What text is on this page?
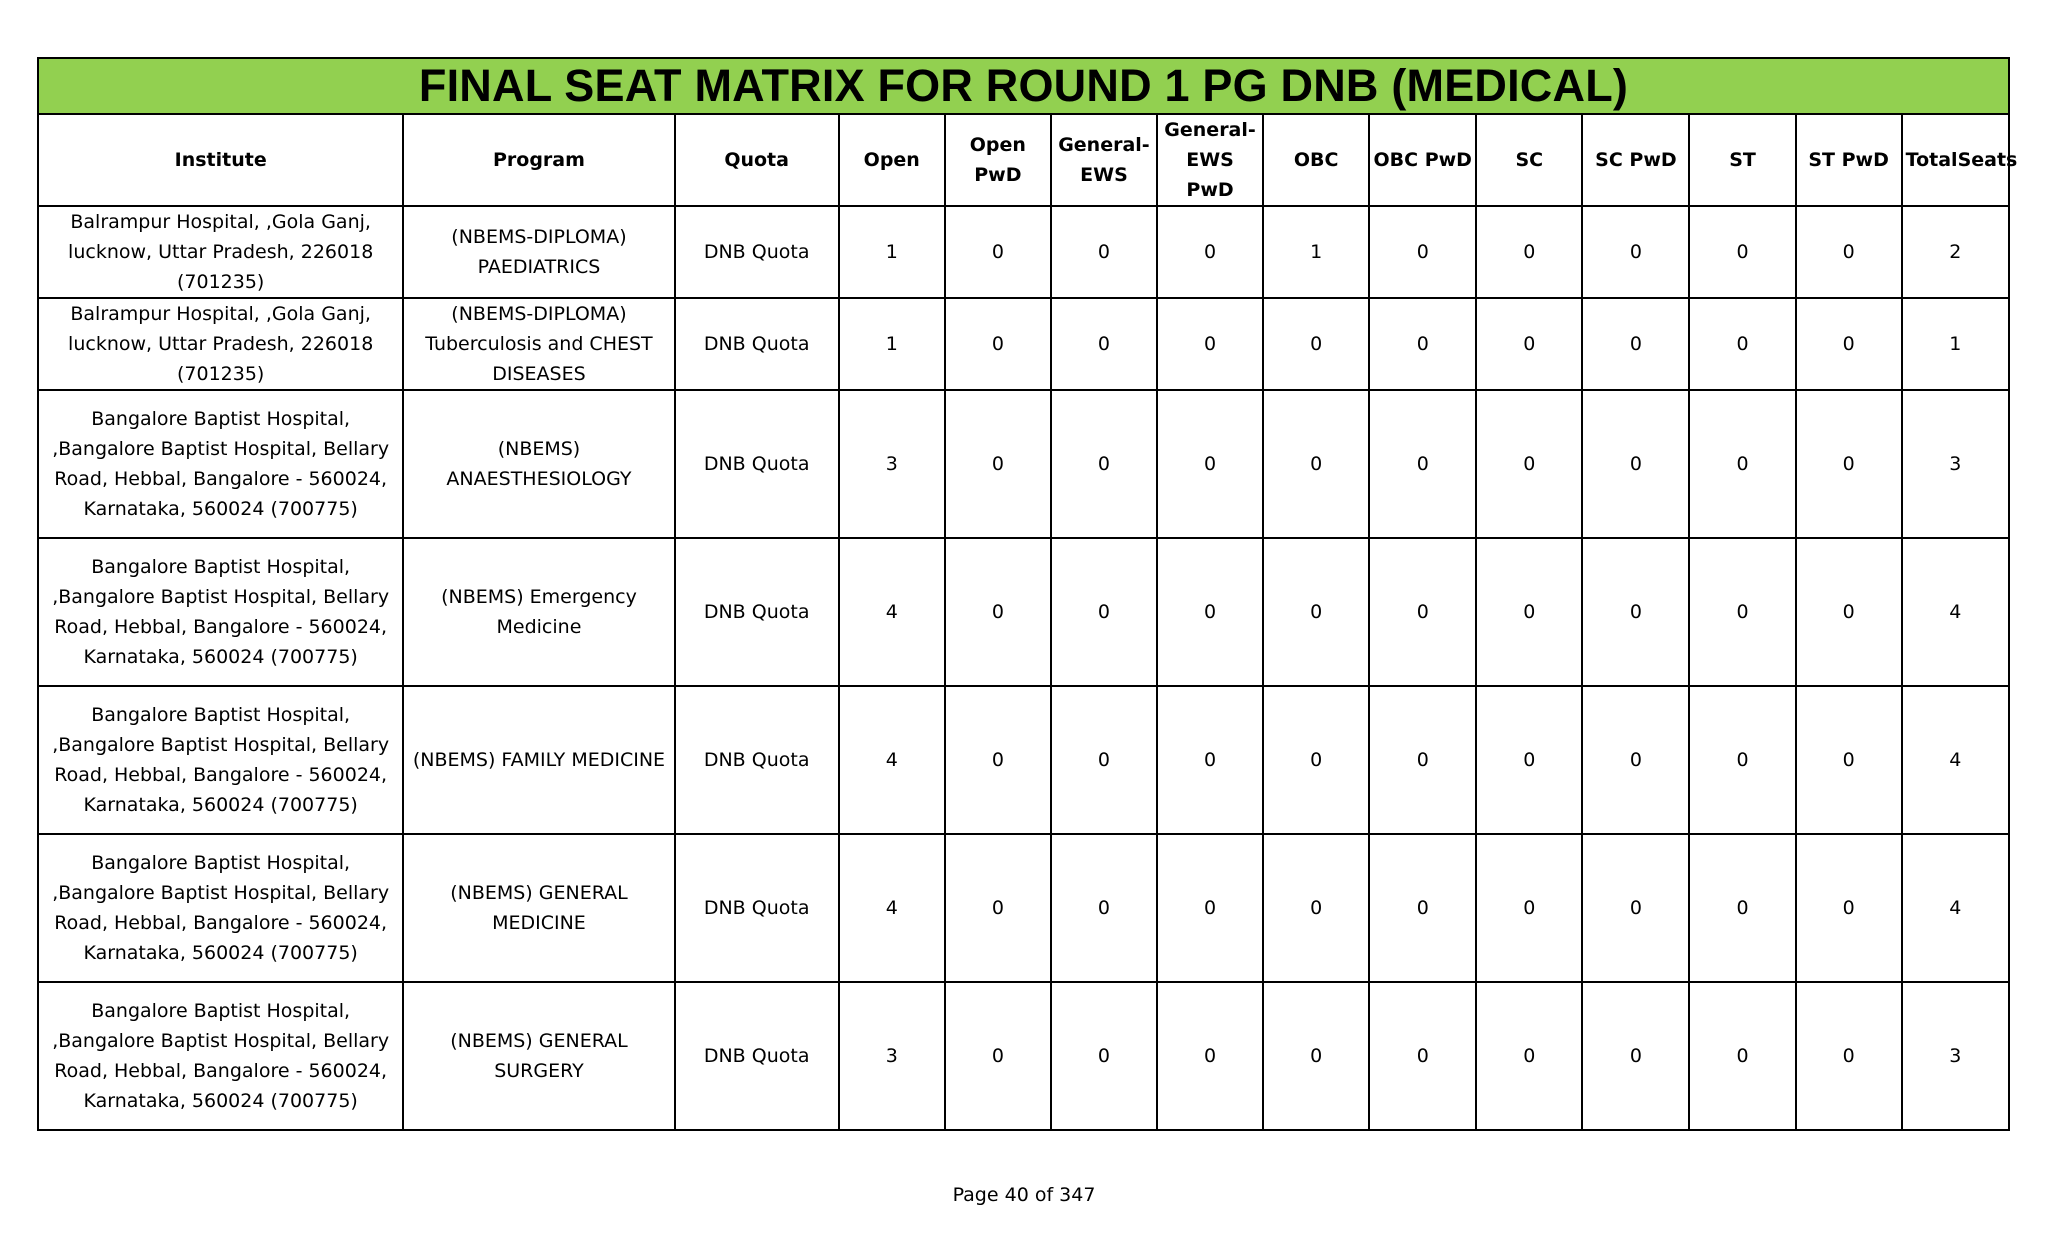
FINAL SEAT MATRIX FOR ROUND 1 PG DNB (MEDICAL)													
Institute	Program	Quota	Open	Open PwD	General-EWS	General-EWS PwD	OBC	OBC PwD	SC	SC PwD	ST	ST PwD	TotalSeats
Balrampur Hospital, ,Gola Ganj, lucknow, Uttar Pradesh, 226018 (701235)	(NBEMS-DIPLOMA) PAEDIATRICS	DNB Quota	1	0	0	0	1	0	0	0	0	0	2
Balrampur Hospital, ,Gola Ganj, lucknow, Uttar Pradesh, 226018 (701235)	(NBEMS-DIPLOMA) Tuberculosis and CHEST DISEASES	DNB Quota	1	0	0	0	0	0	0	0	0	0	1
Bangalore Baptist Hospital, ,Bangalore Baptist Hospital, Bellary Road, Hebbal, Bangalore - 560024, Karnataka, 560024 (700775)	(NBEMS) ANAESTHESIOLOGY	DNB Quota	3	0	0	0	0	0	0	0	0	0	3
Bangalore Baptist Hospital, ,Bangalore Baptist Hospital, Bellary Road, Hebbal, Bangalore - 560024, Karnataka, 560024 (700775)	(NBEMS) Emergency Medicine	DNB Quota	4	0	0	0	0	0	0	0	0	0	4
Bangalore Baptist Hospital, ,Bangalore Baptist Hospital, Bellary Road, Hebbal, Bangalore - 560024, Karnataka, 560024 (700775)	(NBEMS) FAMILY MEDICINE	DNB Quota	4	0	0	0	0	0	0	0	0	0	4
Bangalore Baptist Hospital, ,Bangalore Baptist Hospital, Bellary Road, Hebbal, Bangalore - 560024, Karnataka, 560024 (700775)	(NBEMS) GENERAL MEDICINE	DNB Quota	4	0	0	0	0	0	0	0	0	0	4
Bangalore Baptist Hospital, ,Bangalore Baptist Hospital, Bellary Road, Hebbal, Bangalore - 560024, Karnataka, 560024 (700775)	(NBEMS) GENERAL SURGERY	DNB Quota	3	0	0	0	0	0	0	0	0	0	3
Page 40 of 347
